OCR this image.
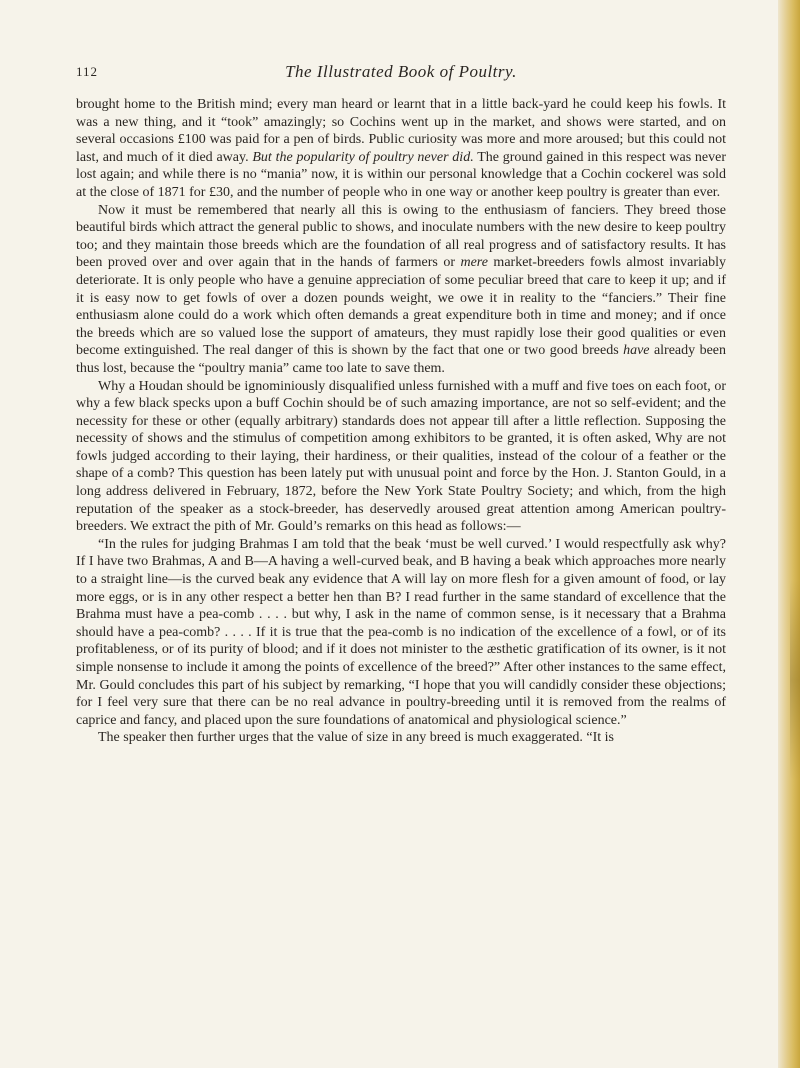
112	The Illustrated Book of Poultry.

brought home to the British mind; every man heard or learnt that in a little back-yard he could keep his fowls. It was a new thing, and it “took” amazingly; so Cochins went up in the market, and shows were started, and on several occasions £100 was paid for a pen of birds. Public curiosity was more and more aroused; but this could not last, and much of it died away. But the popularity of poultry never did. The ground gained in this respect was never lost again; and while there is no “mania” now, it is within our personal knowledge that a Cochin cockerel was sold at the close of 1871 for £30, and the number of people who in one way or another keep poultry is greater than ever.

Now it must be remembered that nearly all this is owing to the enthusiasm of fanciers. They breed those beautiful birds which attract the general public to shows, and inoculate numbers with the new desire to keep poultry too; and they maintain those breeds which are the foundation of all real progress and of satisfactory results. It has been proved over and over again that in the hands of farmers or mere market-breeders fowls almost invariably deteriorate. It is only people who have a genuine appreciation of some peculiar breed that care to keep it up; and if it is easy now to get fowls of over a dozen pounds weight, we owe it in reality to the “fanciers.” Their fine enthusiasm alone could do a work which often demands a great expenditure both in time and money; and if once the breeds which are so valued lose the support of amateurs, they must rapidly lose their good qualities or even become extinguished. The real danger of this is shown by the fact that one or two good breeds have already been thus lost, because the “poultry mania” came too late to save them.

Why a Houdan should be ignominiously disqualified unless furnished with a muff and five toes on each foot, or why a few black specks upon a buff Cochin should be of such amazing importance, are not so self-evident; and the necessity for these or other (equally arbitrary) standards does not appear till after a little reflection. Supposing the necessity of shows and the stimulus of competition among exhibitors to be granted, it is often asked, Why are not fowls judged according to their laying, their hardiness, or their qualities, instead of the colour of a feather or the shape of a comb? This question has been lately put with unusual point and force by the Hon. J. Stanton Gould, in a long address delivered in February, 1872, before the New York State Poultry Society; and which, from the high reputation of the speaker as a stock-breeder, has deservedly aroused great attention among American poultry-breeders. We extract the pith of Mr. Gould’s remarks on this head as follows:—

“In the rules for judging Brahmas I am told that the beak ‘must be well curved.’ I would respectfully ask why? If I have two Brahmas, A and B—A having a well-curved beak, and B having a beak which approaches more nearly to a straight line—is the curved beak any evidence that A will lay on more flesh for a given amount of food, or lay more eggs, or is in any other respect a better hen than B? I read further in the same standard of excellence that the Brahma must have a pea-comb . . . . but why, I ask in the name of common sense, is it necessary that a Brahma should have a pea-comb? . . . . If it is true that the pea-comb is no indication of the excellence of a fowl, or of its profitableness, or of its purity of blood; and if it does not minister to the æsthetic gratification of its owner, is it not simple nonsense to include it among the points of excellence of the breed?” After other instances to the same effect, Mr. Gould concludes this part of his subject by remarking, “I hope that you will candidly consider these objections; for I feel very sure that there can be no real advance in poultry-breeding until it is removed from the realms of caprice and fancy, and placed upon the sure foundations of anatomical and physiological science.”

The speaker then further urges that the value of size in any breed is much exaggerated. “It is
